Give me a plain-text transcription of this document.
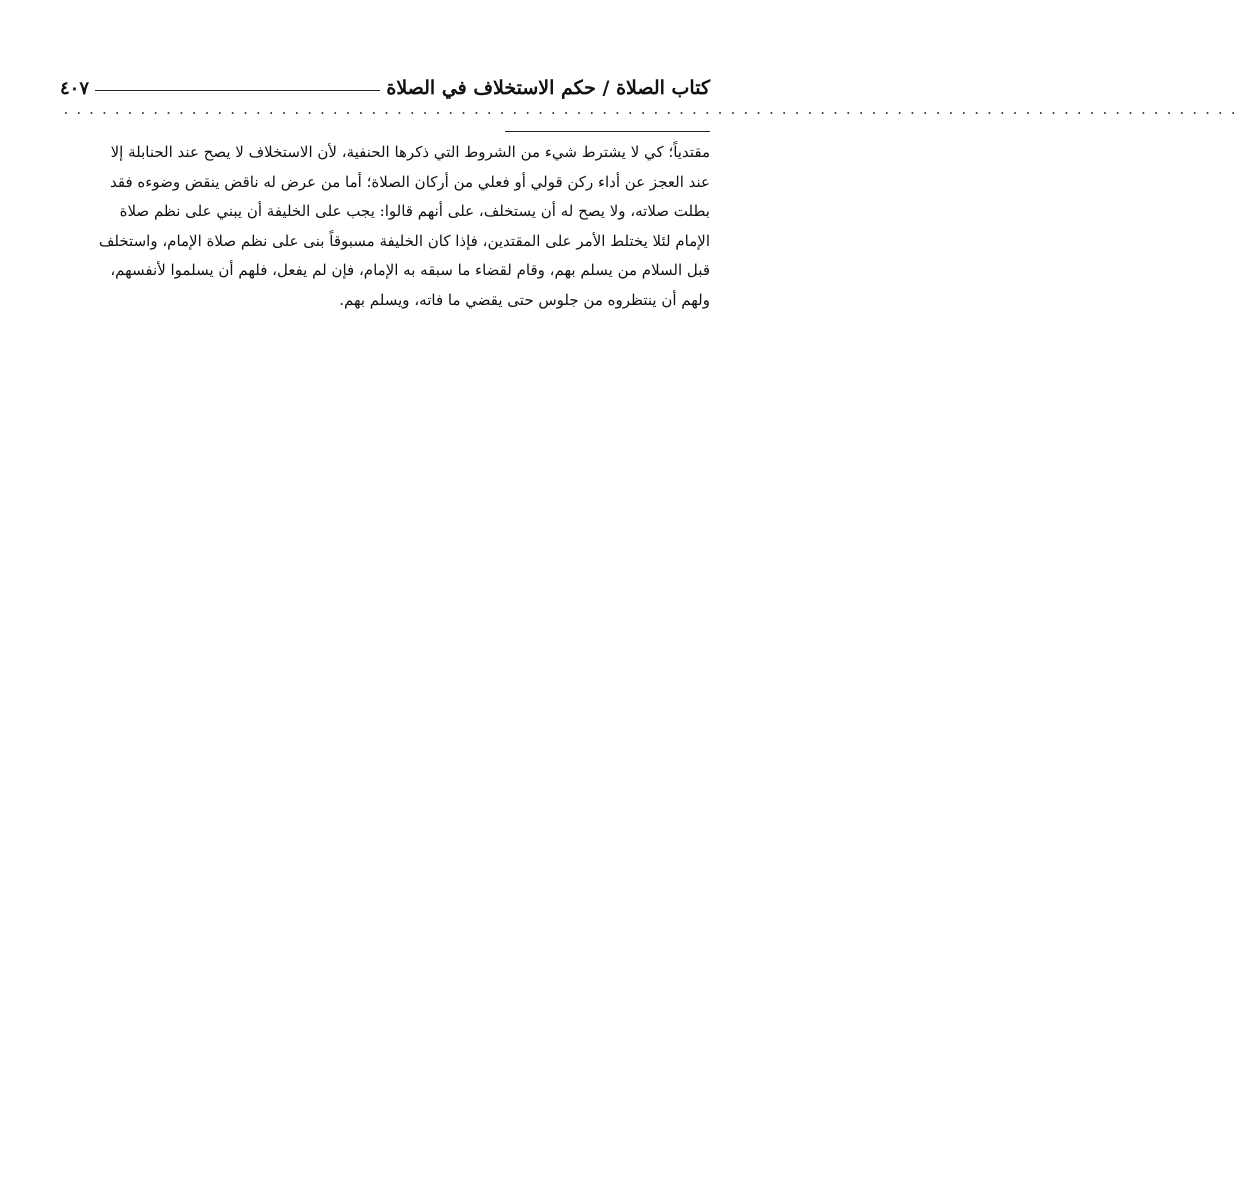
كتاب الصلاة / حكم الاستخلاف في الصلاة
٤٠٧
............................................................................................

مقتدياً؛ كي لا يشترط شيء من الشروط التي ذكرها الحنفية، لأن الاستخلاف لا يصح عند الحنابلة إلا

عند العجز عن أداء ركن قولي أو فعلي من أركان الصلاة؛ أما من عرض له ناقض ينقض وضوءه فقد

بطلت صلاته، ولا يصح له أن يستخلف، على أنهم قالوا: يجب على الخليفة أن يبني على نظم صلاة

الإمام لئلا يختلط الأمر على المقتدين، فإذا كان الخليفة مسبوقاً بنى على نظم صلاة الإمام، واستخلف

قبل السلام من يسلم بهم، وقام لقضاء ما سبقه به الإمام، فإن لم يفعل، فلهم أن يسلموا لأنفسهم،

ولهم أن ينتظروه من جلوس حتى يقضي ما فاته، ويسلم بهم.
